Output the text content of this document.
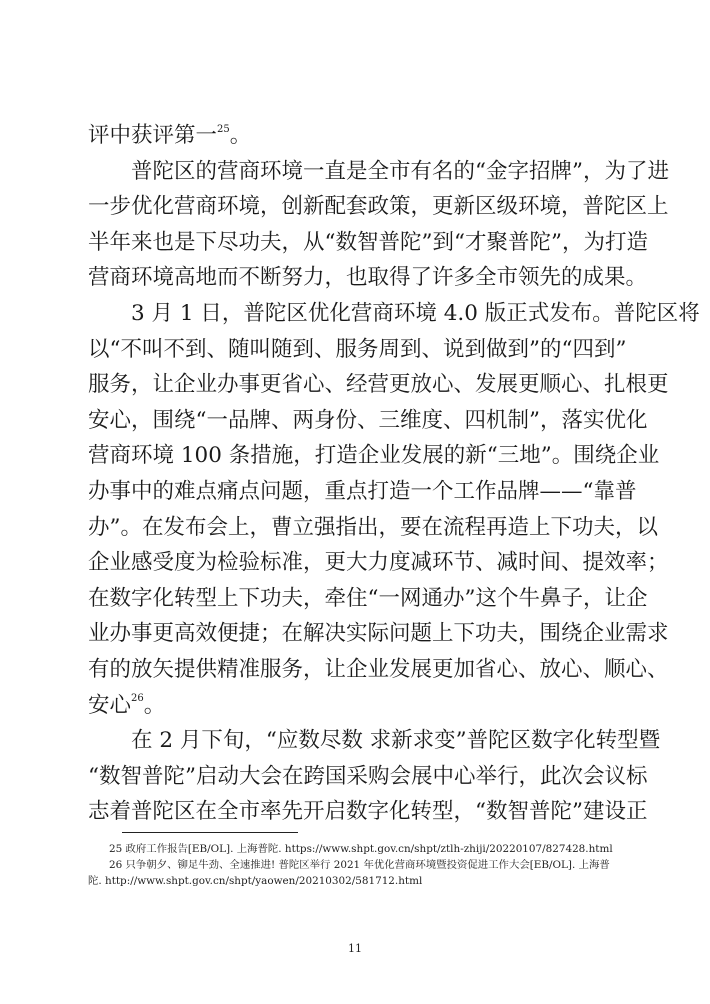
评中获评第一$^{25}$。
普陀区的营商环境一直是全市有名的“金字招牌”，为了进
一步优化营商环境，创新配套政策，更新区级环境，普陀区上
半年来也是下尽功夫，从“数智普陀”到“才聚普陀”，为打造
营商环境高地而不断努力，也取得了许多全市领先的成果。
3 月 1 日，普陀区优化营商环境 4.0 版正式发布。普陀区将
以“不叫不到、随叫随到、服务周到、说到做到”的“四到”
服务，让企业办事更省心、经营更放心、发展更顺心、扎根更
安心，围绕“一品牌、两身份、三维度、四机制”，落实优化
营商环境 100 条措施，打造企业发展的新“三地”。围绕企业
办事中的难点痛点问题，重点打造一个工作品牌——“靠普
办”。在发布会上，曹立强指出，要在流程再造上下功夫，以
企业感受度为检验标准，更大力度减环节、减时间、提效率；
在数字化转型上下功夫，牵住“一网通办”这个牛鼻子，让企
业办事更高效便捷；在解决实际问题上下功夫，围绕企业需求
有的放矢提供精准服务，让企业发展更加省心、放心、顺心、
安心$^{26}$。
在 2 月下旬，“应数尽数 求新求变”普陀区数字化转型暨
“数智普陀”启动大会在跨国采购会展中心举行，此次会议标
志着普陀区在全市率先开启数字化转型，“数智普陀”建设正
25 政府工作报告[EB/OL]. 上海普陀. https://www.shpt.gov.cn/shpt/ztlh-zhiji/20220107/827428.html
26 只争朝夕、铆足牛劲、全速推进! 普陀区举行 2021 年优化营商环境暨投资促进工作大会[EB/OL]. 上海普
陀. http://www.shpt.gov.cn/shpt/yaowen/20210302/581712.html
11
